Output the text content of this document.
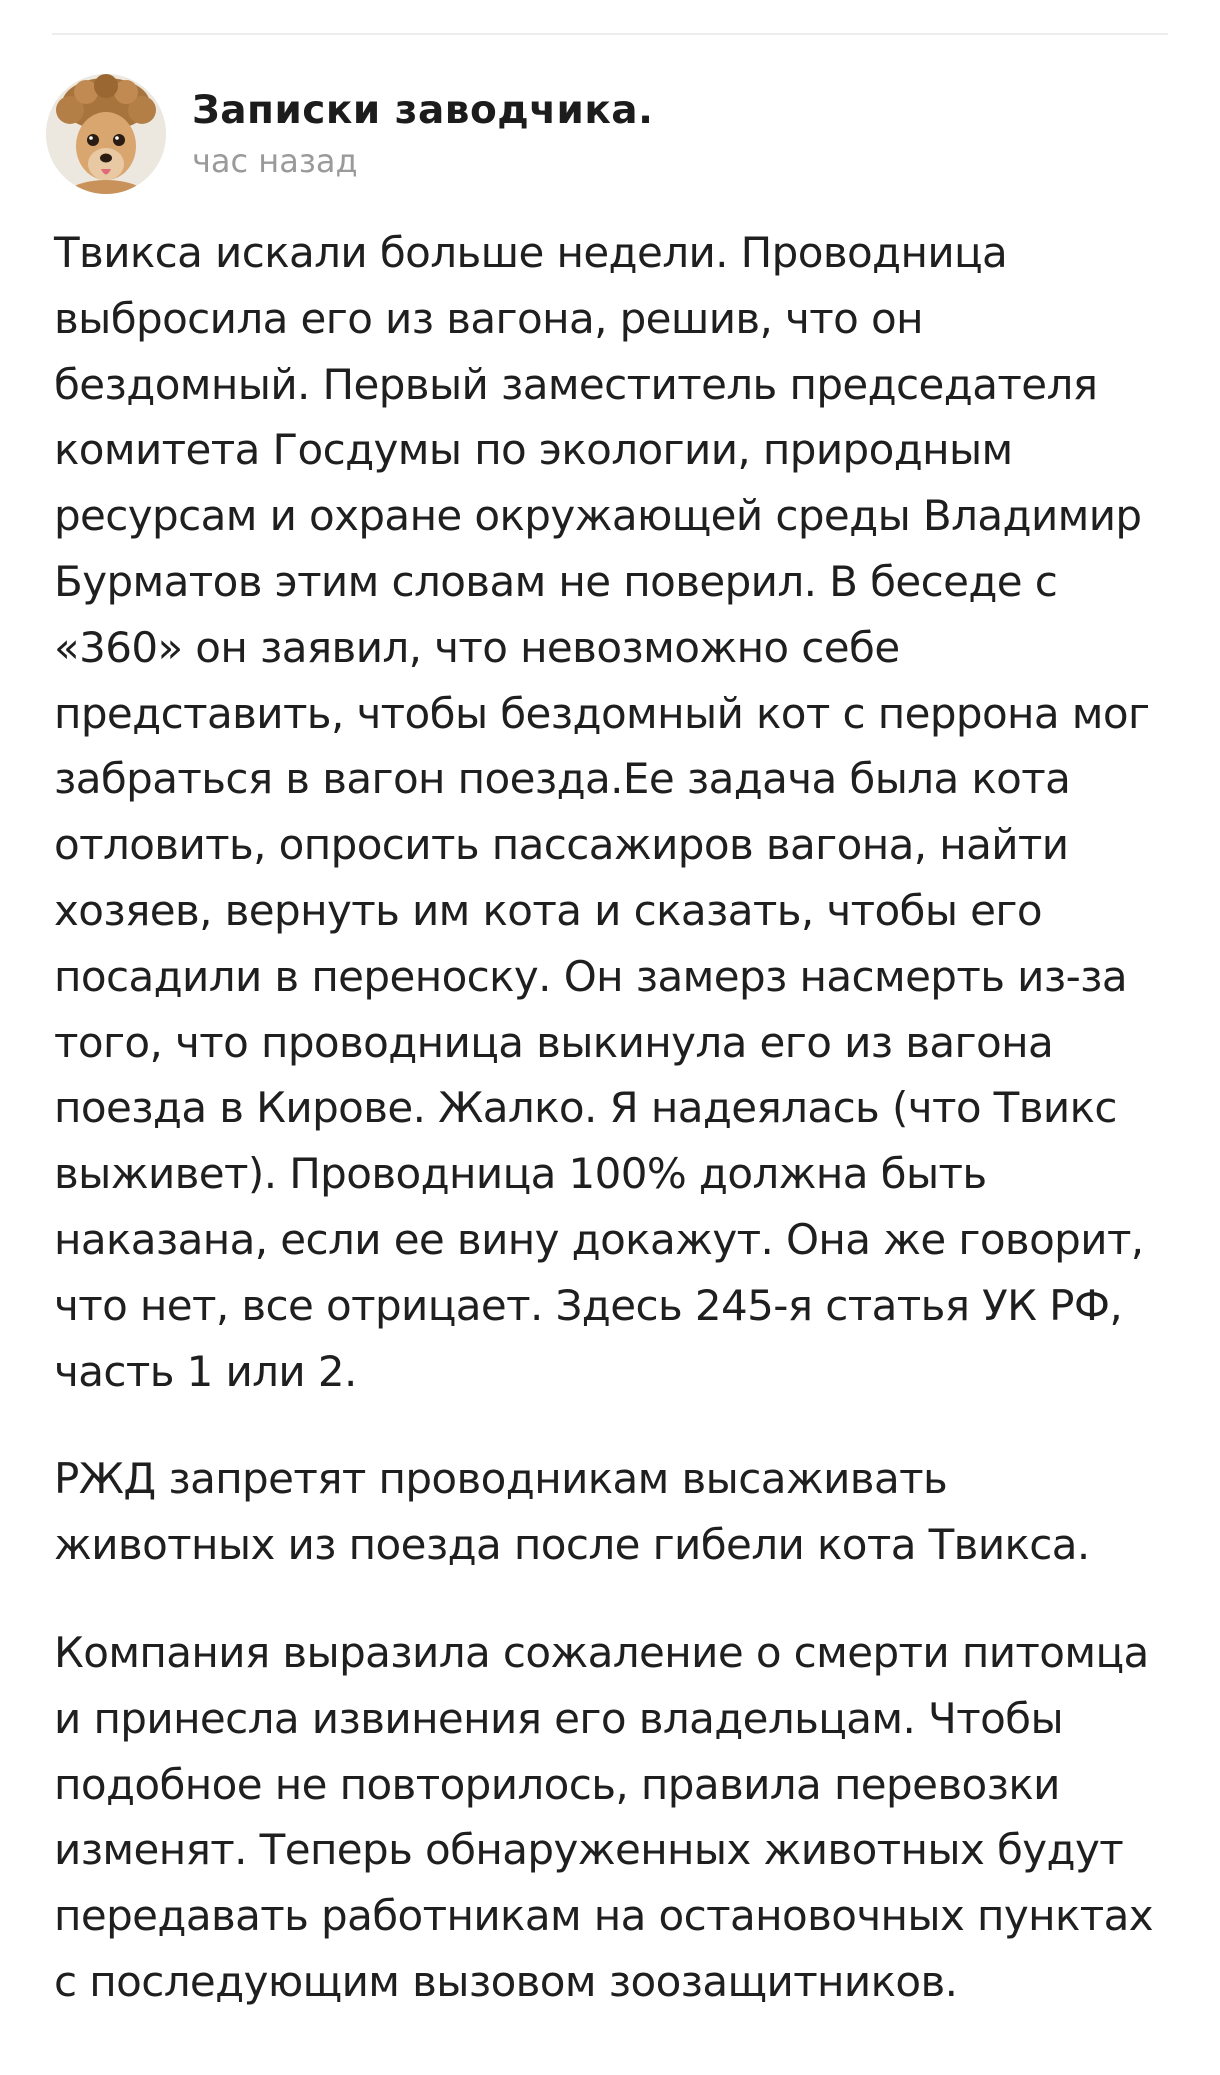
Записки заводчика.
час назад

Твикса искали больше недели. Проводница выбросила его из вагона, решив, что он бездомный. Первый заместитель председателя комитета Госдумы по экологии, природным ресурсам и охране окружающей среды Владимир Бурматов этим словам не поверил. В беседе с «360» он заявил, что невозможно себе представить, чтобы бездомный кот с перрона мог забраться в вагон поезда.Ее задача была кота отловить, опросить пассажиров вагона, найти хозяев, вернуть им кота и сказать, чтобы его посадили в переноску. Он замерз насмерть из-за того, что проводница выкинула его из вагона поезда в Кирове. Жалко. Я надеялась (что Твикс выживет). Проводница 100% должна быть наказана, если ее вину докажут. Она же говорит, что нет, все отрицает. Здесь 245-я статья УК РФ, часть 1 или 2.

РЖД запретят проводникам высаживать животных из поезда после гибели кота Твикса.

Компания выразила сожаление о смерти питомца и принесла извинения его владельцам. Чтобы подобное не повторилось, правила перевозки изменят. Теперь обнаруженных животных будут передавать работникам на остановочных пунктах с последующим вызовом зоозащитников.
